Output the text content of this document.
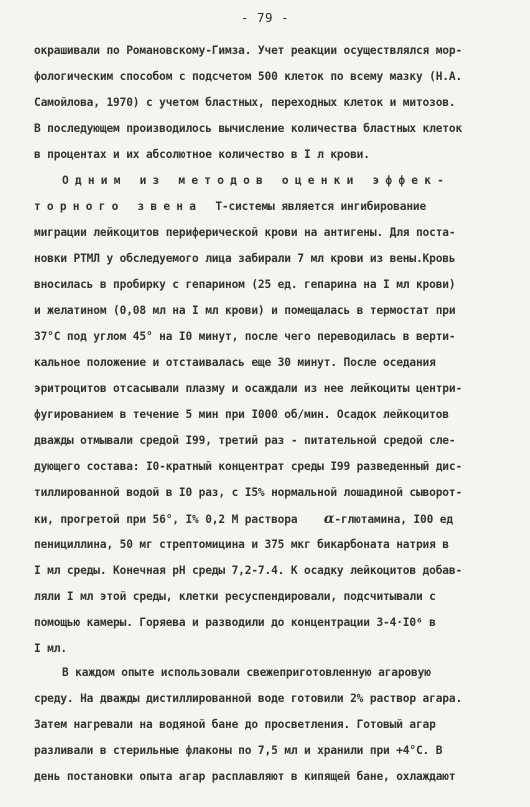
- 79 -
окрашивали по Романовскому-Гимза. Учет реакции осуществлялся мор-
фологическим способом с подсчетом 500 клеток по всему мазку (Н.А.
Самойлова, 1970) с учетом бластных, переходных клеток и митозов.
В последующем производилось вычисление количества бластных клеток
в процентах и их абсолютное количество в I л крови.
Одним из методов оценки эффек-
торного звена Т-системы является ингибирование
миграции лейкоцитов периферической крови на антигены. Для поста-
новки РТМЛ у обследуемого лица забирали 7 мл крови из вены.Кровь
вносилась в пробирку с гепарином (25 ед. гепарина на I мл крови)
и желатином (0,08 мл на I мл крови) и помещалась в термостат при
37°С под углом 45° на I0 минут, после чего переводилась в верти-
кальное положение и отстаивалась еще 30 минут. После оседания
эритроцитов отсасывали плазму и осаждали из нее лейкоциты центри-
фугированием в течение 5 мин при I000 об/мин. Осадок лейкоцитов
дважды отмывали средой I99, третий раз - питательной средой сле-
дующего состава: I0-кратный концентрат среды I99 разведенный дис-
тиллированной водой в I0 раз, с I5% нормальной лошадиной сыворот-
ки, прогретой при 56°, I% 0,2 М раствора α-глютамина, I00 ед
пенициллина, 50 мг стрептомицина и 375 мкг бикарбоната натрия в
I мл среды. Конечная рН среды 7,2-7.4. К осадку лейкоцитов добав-
ляли I мл этой среды, клетки ресуспендировали, подсчитывали с
помощью камеры. Горяева и разводили до концентрации 3-4·I0⁶ в
I мл.
В каждом опыте использовали свежеприготовленную агаровую
среду. На дважды дистиллированной воде готовили 2% раствор агара.
Затем нагревали на водяной бане до просветления. Готовый агар
разливали в стерильные флаконы по 7,5 мл и хранили при +4°С. В
день постановки опыта агар расплавляют в кипящей бане, охлаждают
